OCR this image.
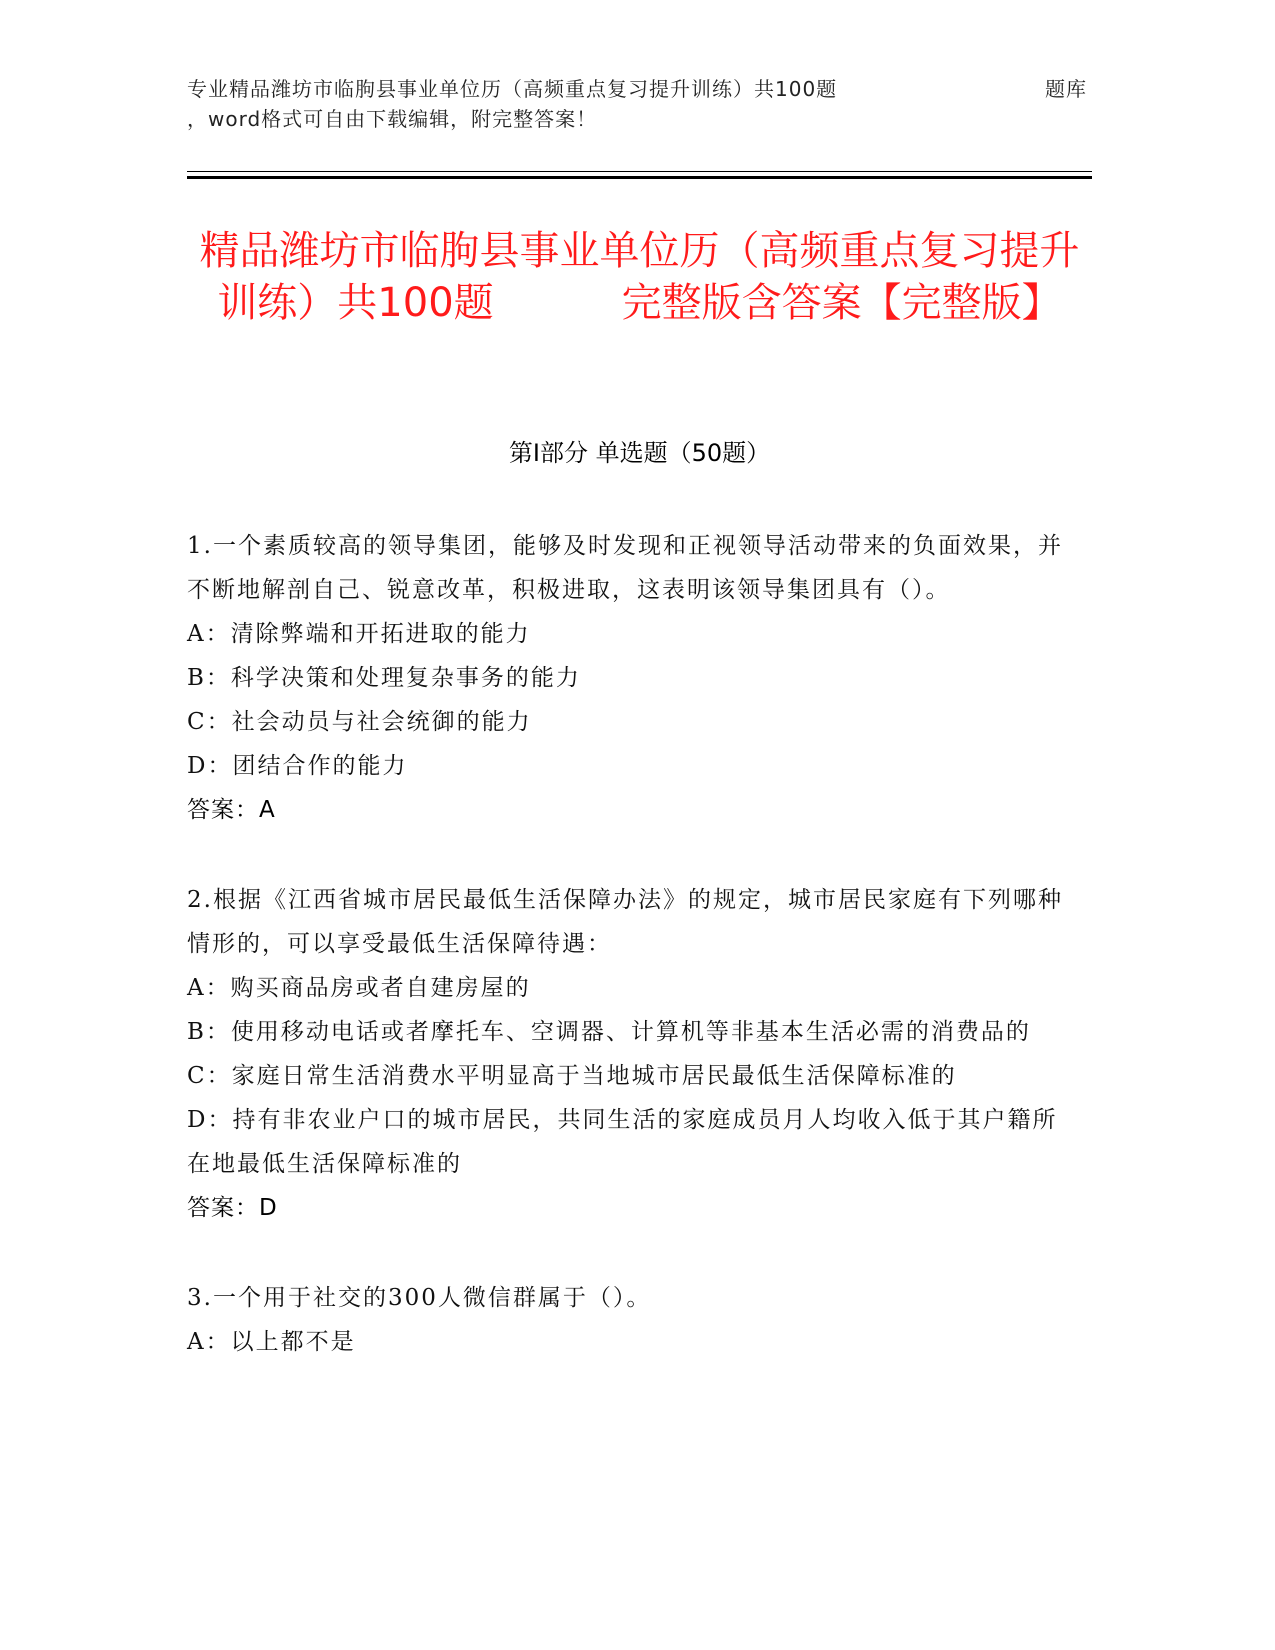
专业精品潍坊市临朐县事业单位历（高频重点复习提升训练）共100题	题库
，word格式可自由下载编辑，附完整答案！
精品潍坊市临朐县事业单位历（高频重点复习提升训练）共100题	完整版含答案【完整版】
第Ⅰ部分 单选题（50题）
1.一个素质较高的领导集团，能够及时发现和正视领导活动带来的负面效果，并不断地解剖自己、锐意改革，积极进取，这表明该领导集团具有（）。
A：清除弊端和开拓进取的能力
B：科学决策和处理复杂事务的能力
C：社会动员与社会统御的能力
D：团结合作的能力
答案：A
2.根据《江西省城市居民最低生活保障办法》的规定，城市居民家庭有下列哪种情形的，可以享受最低生活保障待遇：
A：购买商品房或者自建房屋的
B：使用移动电话或者摩托车、空调器、计算机等非基本生活必需的消费品的
C：家庭日常生活消费水平明显高于当地城市居民最低生活保障标准的
D：持有非农业户口的城市居民，共同生活的家庭成员月人均收入低于其户籍所在地最低生活保障标准的
答案：D
3.一个用于社交的300人微信群属于（）。
A：以上都不是
